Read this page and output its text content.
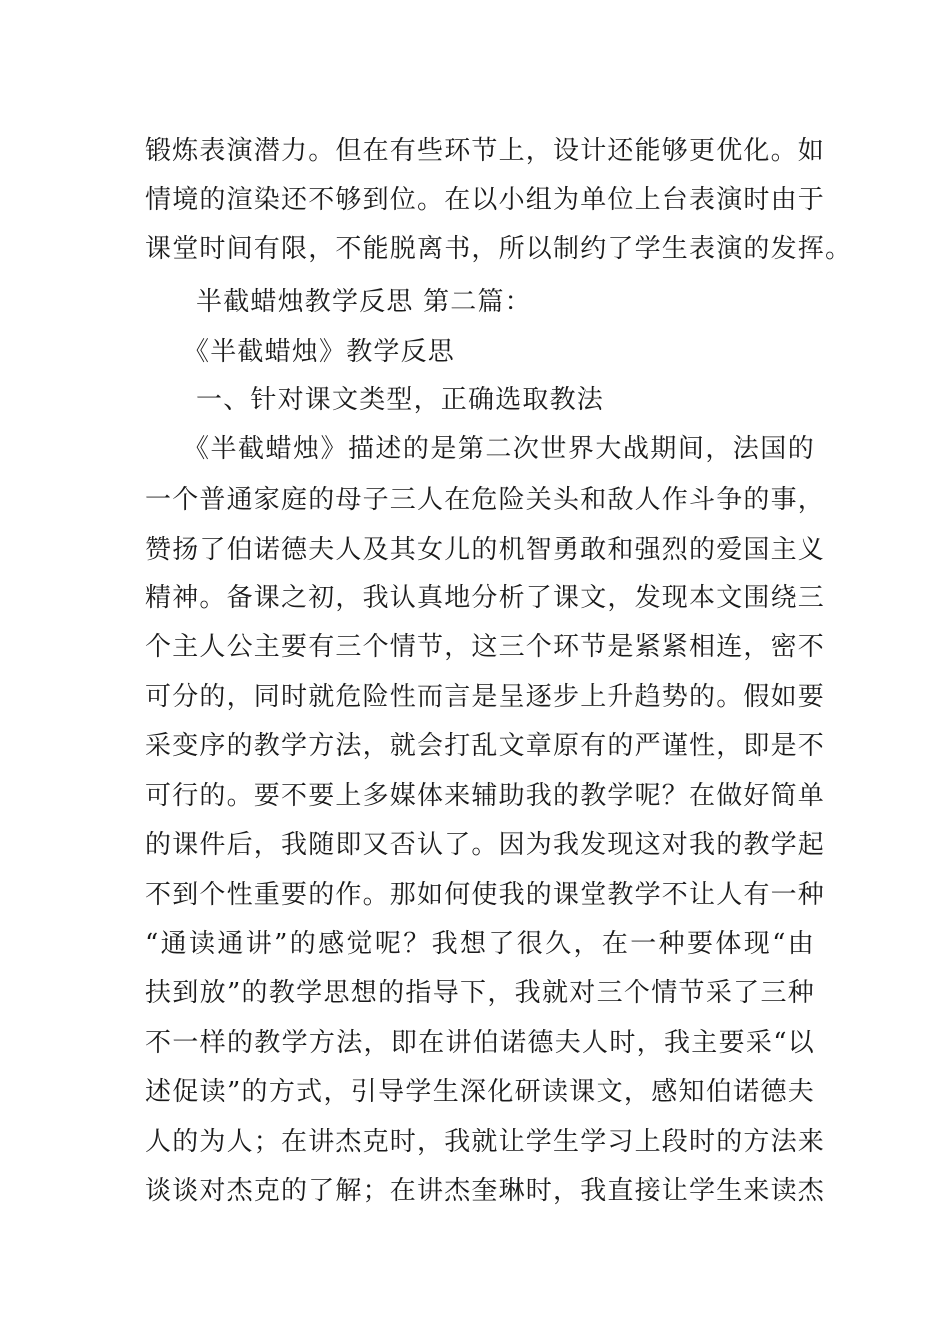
锻炼表演潜力。但在有些环节上，设计还能够更优化。如
情境的渲染还不够到位。在以小组为单位上台表演时由于
课堂时间有限，不能脱离书，所以制约了学生表演的发挥。
半截蜡烛教学反思 第二篇：
《半截蜡烛》教学反思
一、针对课文类型，正确选取教法
《半截蜡烛》描述的是第二次世界大战期间，法国的
一个普通家庭的母子三人在危险关头和敌人作斗争的事，
赞扬了伯诺德夫人及其女儿的机智勇敢和强烈的爱国主义
精神。备课之初，我认真地分析了课文，发现本文围绕三
个主人公主要有三个情节，这三个环节是紧紧相连，密不
可分的，同时就危险性而言是呈逐步上升趋势的。假如要
采变序的教学方法，就会打乱文章原有的严谨性，即是不
可行的。要不要上多媒体来辅助我的教学呢？在做好简单
的课件后，我随即又否认了。因为我发现这对我的教学起
不到个性重要的作。那如何使我的课堂教学不让人有一种
“通读通讲”的感觉呢？我想了很久，在一种要体现“由
扶到放”的教学思想的指导下，我就对三个情节采了三种
不一样的教学方法，即在讲伯诺德夫人时，我主要采“以
述促读”的方式，引导学生深化研读课文，感知伯诺德夫
人的为人；在讲杰克时，我就让学生学习上段时的方法来
谈谈对杰克的了解；在讲杰奎琳时，我直接让学生来读杰
